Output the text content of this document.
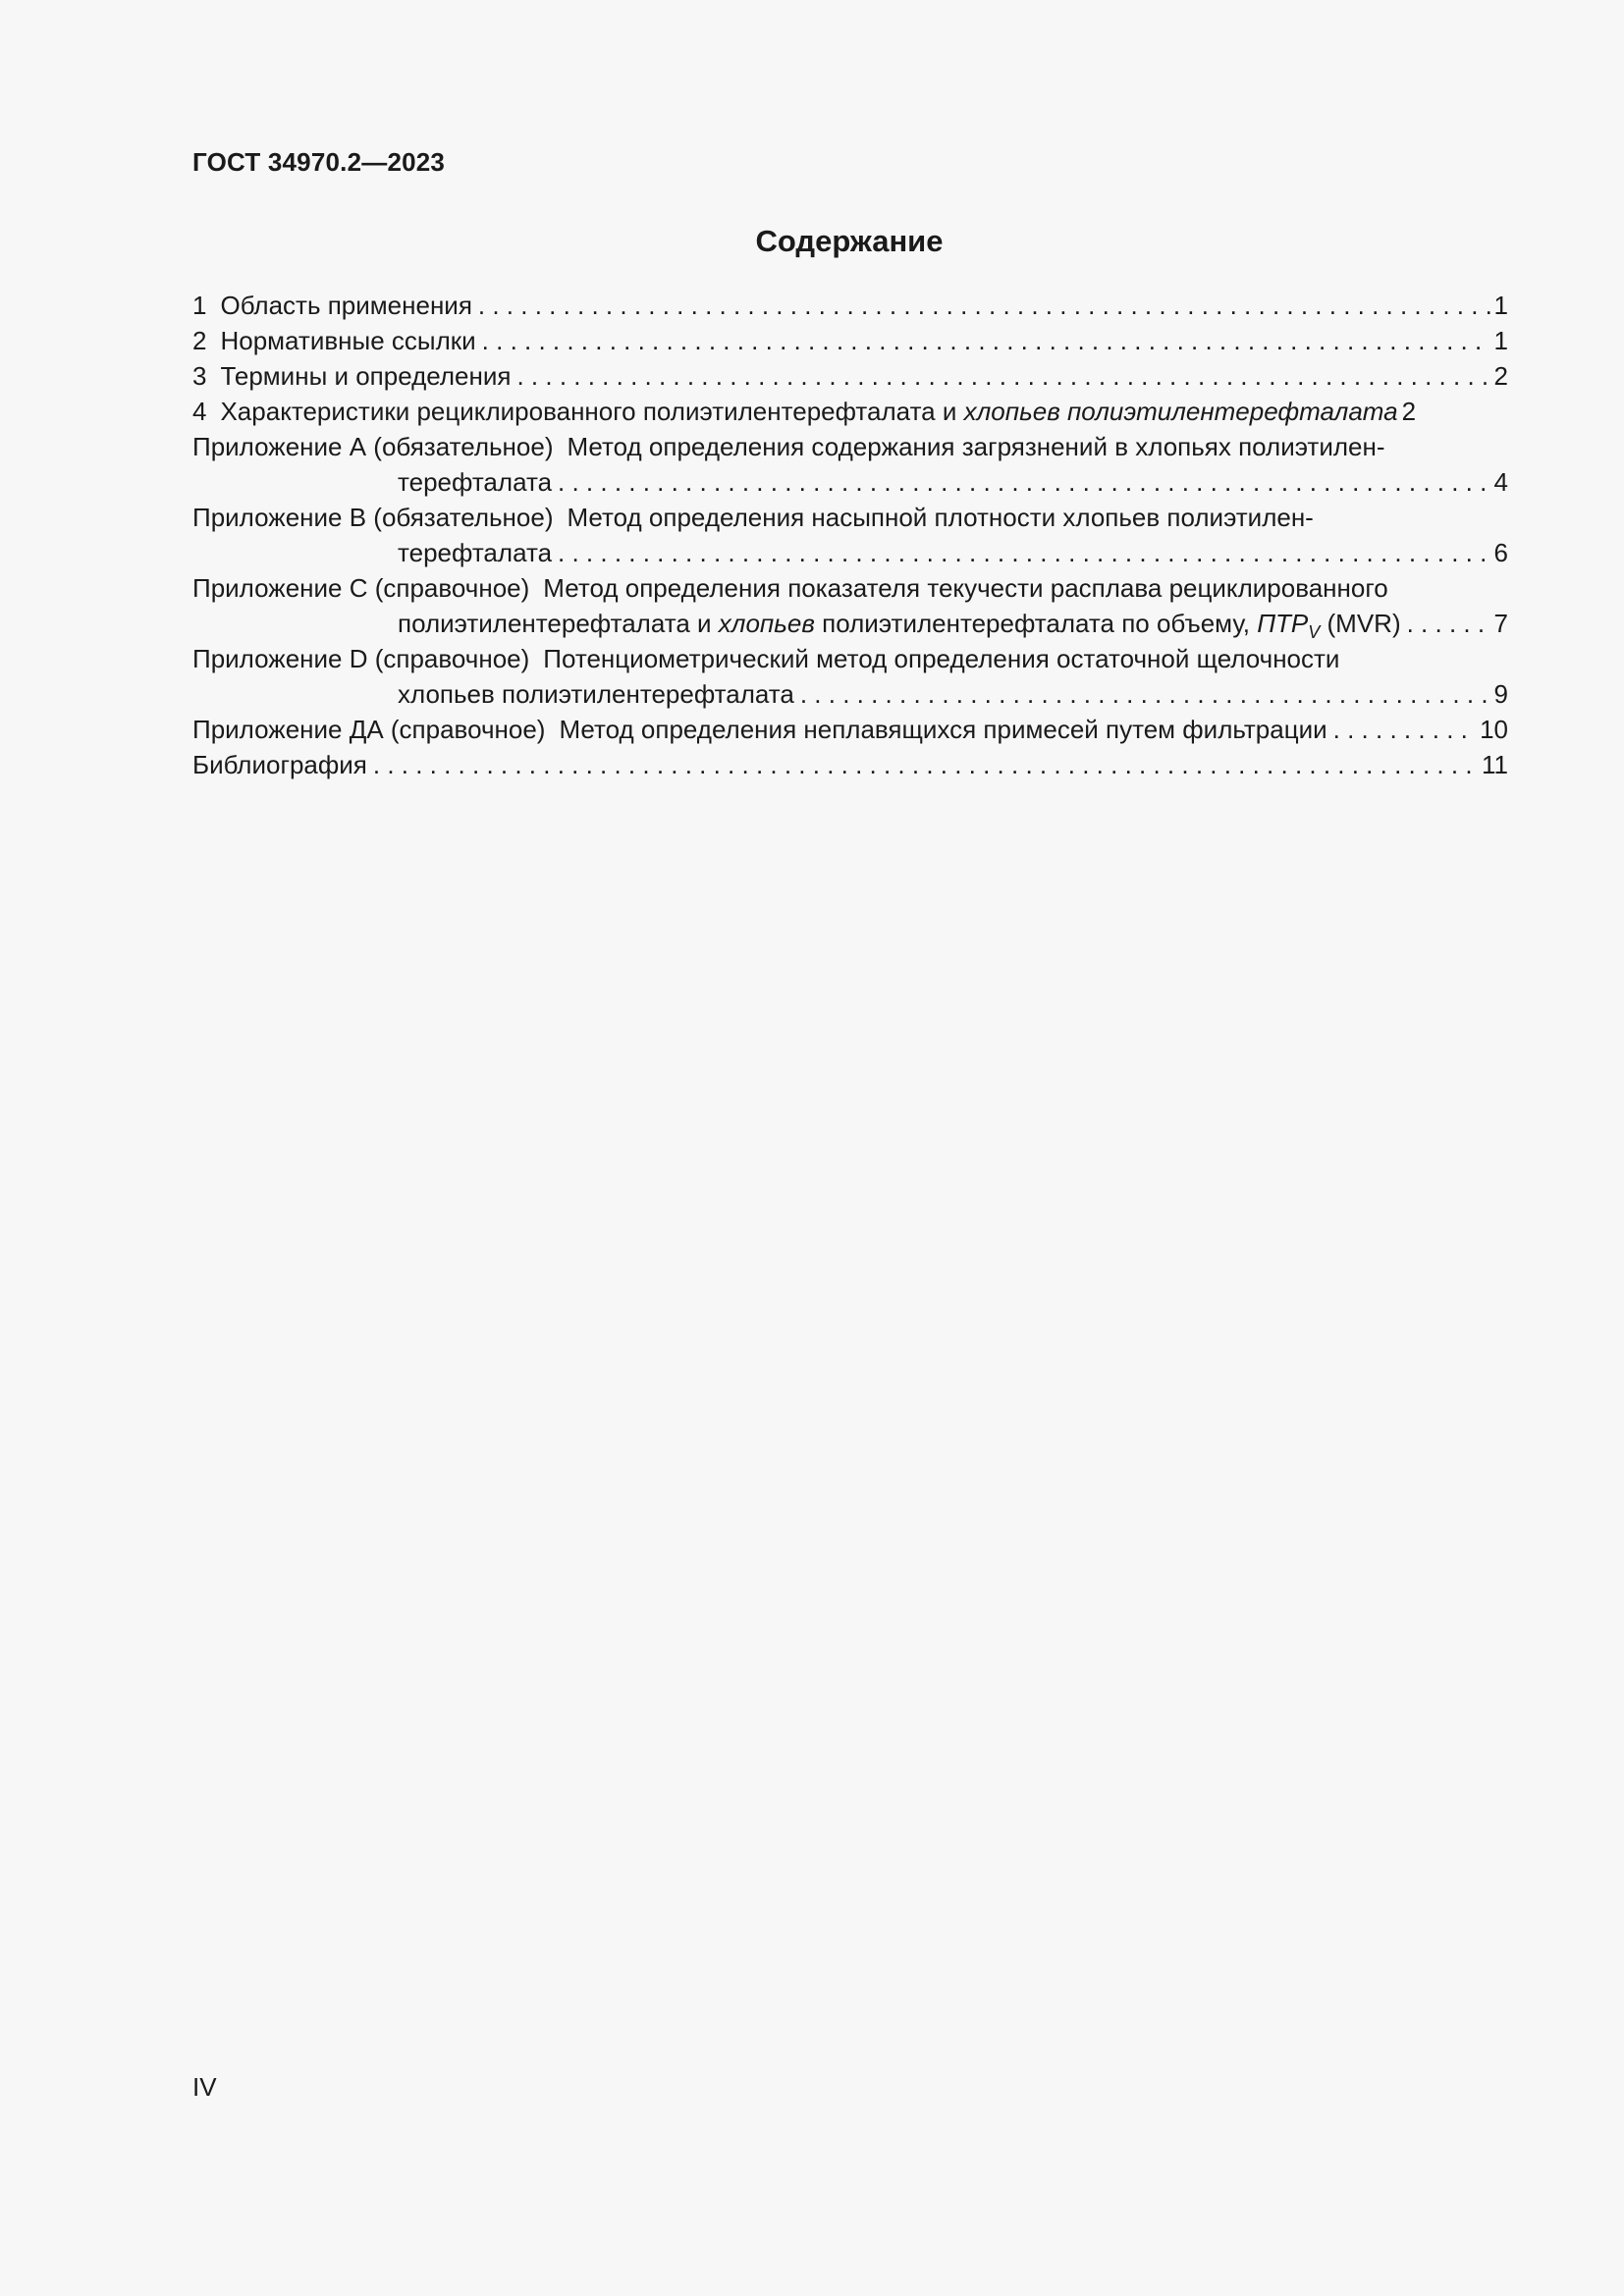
ГОСТ 34970.2—2023
Содержание
1 Область применения . . .	1
2 Нормативные ссылки . . .	1
3 Термины и определения . . .	2
4 Характеристики рециклированного полиэтилентерефталата и хлопьев полиэтилентерефталата 2
Приложение А (обязательное) Метод определения содержания загрязнений в хлопьях полиэтилен-
терефталата . . .	4
Приложение В (обязательное) Метод определения насыпной плотности хлопьев полиэтилен-
терефталата . . .	6
Приложение С (справочное) Метод определения показателя текучести расплава рециклированного
полиэтилентерефталата и хлопьев полиэтилентерефталата по объему, $ПТР_V$ (MVR) . . .	7
Приложение D (справочное) Потенциометрический метод определения остаточной щелочности
хлопьев полиэтилентерефталата . . .	9
Приложение ДА (справочное) Метод определения неплавящихся примесей путем фильтрации . . .	10
Библиография . . .	11
IV
